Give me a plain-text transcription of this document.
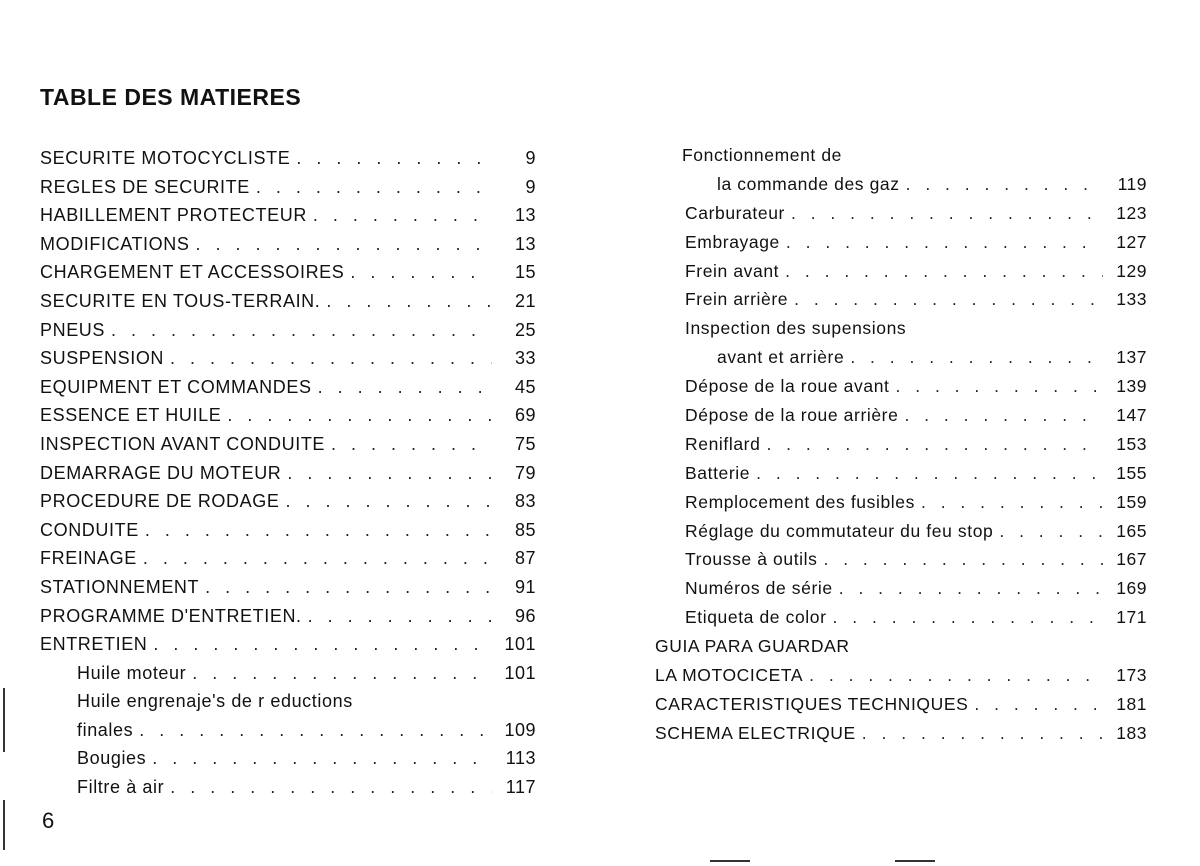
TABLE DES MATIERES
SECURITE MOTOCYCLISTE . . .	9
REGLES DE SECURITE . . .	9
HABILLEMENT PROTECTEUR . . .	13
MODIFICATIONS . . .	13
CHARGEMENT ET ACCESSOIRES . . .	15
SECURITE EN TOUS-TERRAIN. . . .	21
PNEUS . . .	25
SUSPENSION . . .	33
EQUIPMENT ET COMMANDES . . .	45
ESSENCE ET HUILE . . .	69
INSPECTION AVANT CONDUITE . . .	75
DEMARRAGE DU MOTEUR . . .	79
PROCEDURE DE RODAGE . . .	83
CONDUITE . . .	85
FREINAGE . . .	87
STATIONNEMENT . . .	91
PROGRAMME D'ENTRETIEN. . . .	96
ENTRETIEN . . .	101
Huile moteur . . .	101
Huile engrenaje's de r eductions
finales . . .	109
Bougies . . .	113
Filtre à air . . .	117
Fonctionnement de
la commande des gaz . . .	119
Carburateur . . .	123
Embrayage . . .	127
Frein avant . . .	129
Frein arrière . . .	133
Inspection des supensions
avant et arrière . . .	137
Dépose de la roue avant . . .	139
Dépose de la roue arrière . . .	147
Reniflard . . .	153
Batterie . . .	155
Remplocement des fusibles . . .	159
Réglage du commutateur du feu stop . . .	165
Trousse à outils . . .	167
Numéros de série . . .	169
Etiqueta de color . . .	171
GUIA PARA GUARDAR
LA MOTOCICETA . . .	173
CARACTERISTIQUES TECHNIQUES . . .	181
SCHEMA ELECTRIQUE . . .	183

6
